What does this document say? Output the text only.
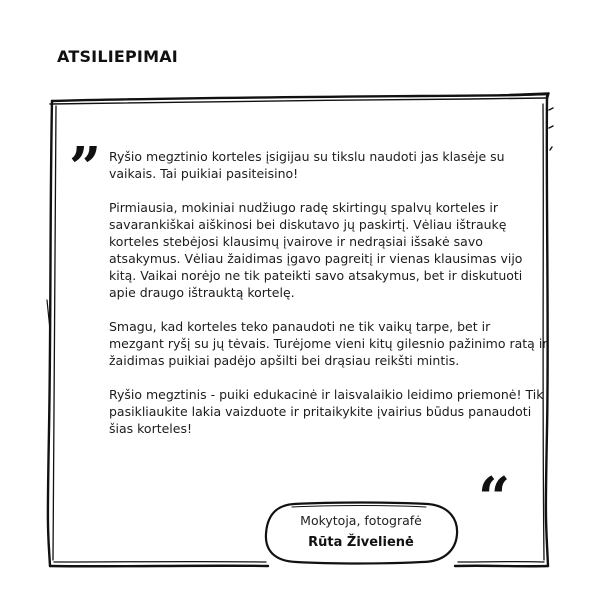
ATSILIEPIMAI
„ Ryšio megztinio korteles įsigijau su tikslu naudoti jas klasėje su vaikais. Tai puikiai pasiteisino!

Pirmiausia, mokiniai nudžiugo radę skirtingų spalvų korteles ir savarankiškai aiškinosi bei diskutavo jų paskirtį. Vėliau ištraukę korteles stebėjosi klausimų įvairove ir nedrąsiai išsakė savo atsakymus. Vėliau žaidimas įgavo pagreitį ir vienas klausimas vijo kitą. Vaikai norėjo ne tik pateikti savo atsakymus, bet ir diskutuoti apie draugo ištrauktą kortelę.

Smagu, kad korteles teko panaudoti ne tik vaikų tarpe, bet ir mezgant ryšį su jų tėvais. Turėjome vieni kitų gilesnio pažinimo ratą ir žaidimas puikiai padėjo apšilti bei drąsiau reikšti mintis.

Ryšio megztinis - puiki edukacinė ir laisvalaikio leidimo priemonė! Tik pasikliaukite lakia vaizduote ir pritaikykite įvairius būdus panaudoti šias korteles!

“
Mokytoja, fotografė
Rūta Živelienė
